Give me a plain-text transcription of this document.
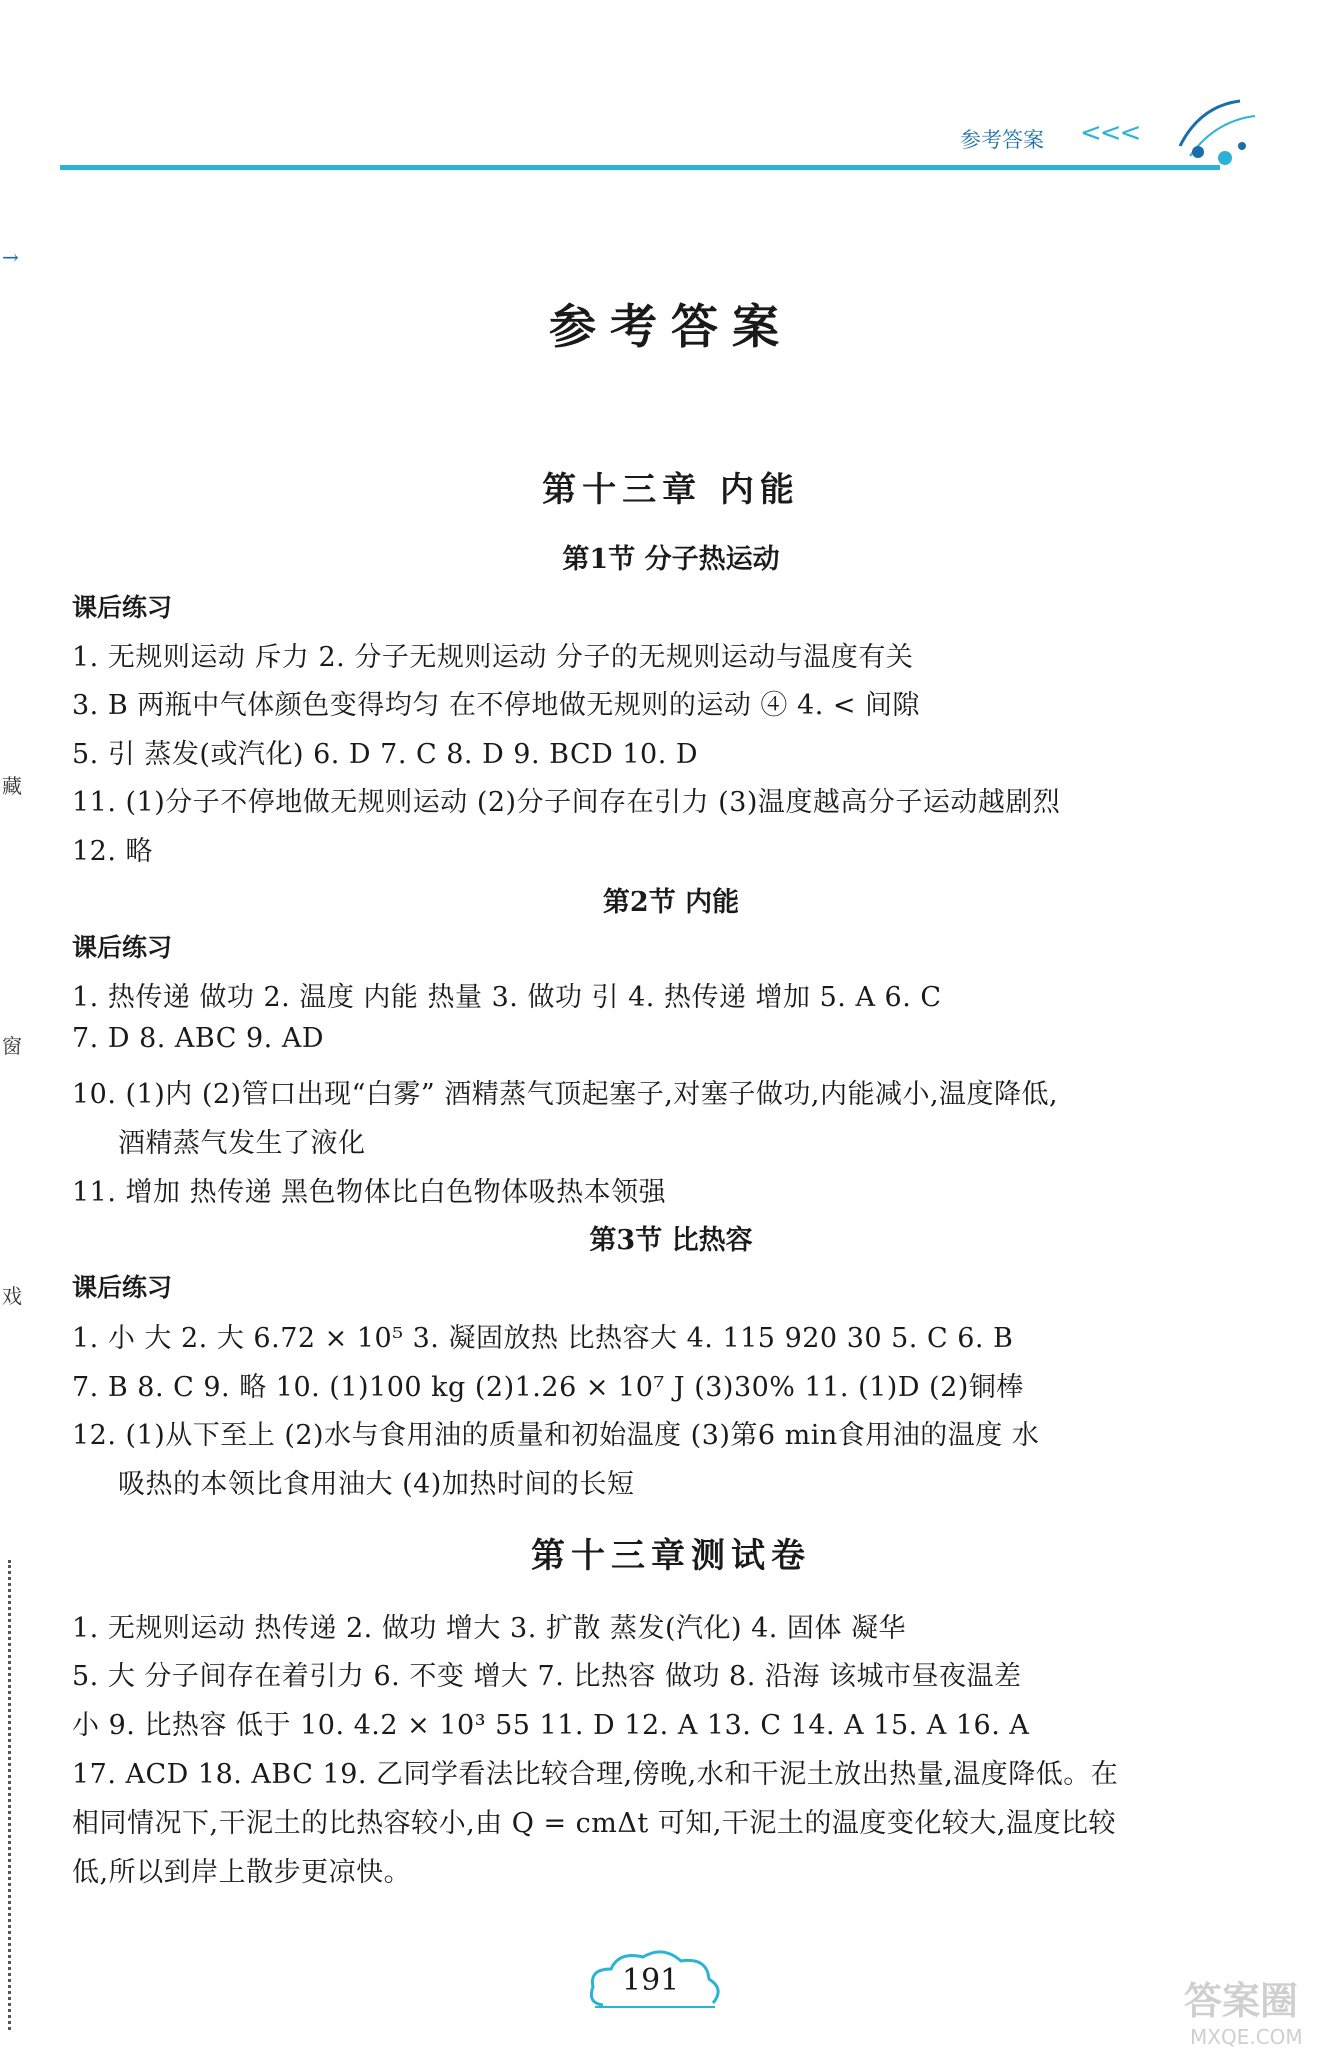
参考答案 <<<
→
藏
窗
戏
参考答案
第十三章 内能
第1节 分子热运动
课后练习
1. 无规则运动 斥力 2. 分子无规则运动 分子的无规则运动与温度有关
3. B 两瓶中气体颜色变得均匀 在不停地做无规则的运动 ④ 4. < 间隙
5. 引 蒸发(或汽化) 6. D 7. C 8. D 9. BCD 10. D
11. (1)分子不停地做无规则运动 (2)分子间存在引力 (3)温度越高分子运动越剧烈
12. 略
第2节 内能
课后练习
1. 热传递 做功 2. 温度 内能 热量 3. 做功 引 4. 热传递 增加 5. A 6. C
7. D 8. ABC 9. AD
10. (1)内 (2)管口出现“白雾” 酒精蒸气顶起塞子,对塞子做功,内能减小,温度降低,
酒精蒸气发生了液化
11. 增加 热传递 黑色物体比白色物体吸热本领强
第3节 比热容
课后练习
1. 小 大 2. 大 6.72 × 10⁵ 3. 凝固放热 比热容大 4. 115 920 30 5. C 6. B
7. B 8. C 9. 略 10. (1)100 kg (2)1.26 × 10⁷ J (3)30% 11. (1)D (2)铜棒
12. (1)从下至上 (2)水与食用油的质量和初始温度 (3)第6 min食用油的温度 水
吸热的本领比食用油大 (4)加热时间的长短
第十三章测试卷
1. 无规则运动 热传递 2. 做功 增大 3. 扩散 蒸发(汽化) 4. 固体 凝华
5. 大 分子间存在着引力 6. 不变 增大 7. 比热容 做功 8. 沿海 该城市昼夜温差
小 9. 比热容 低于 10. 4.2 × 10³ 55 11. D 12. A 13. C 14. A 15. A 16. A
17. ACD 18. ABC 19. 乙同学看法比较合理,傍晚,水和干泥土放出热量,温度降低。在
相同情况下,干泥土的比热容较小,由 Q = cmΔt 可知,干泥土的温度变化较大,温度比较
低,所以到岸上散步更凉快。
191	答案圈
MXQE.COM
